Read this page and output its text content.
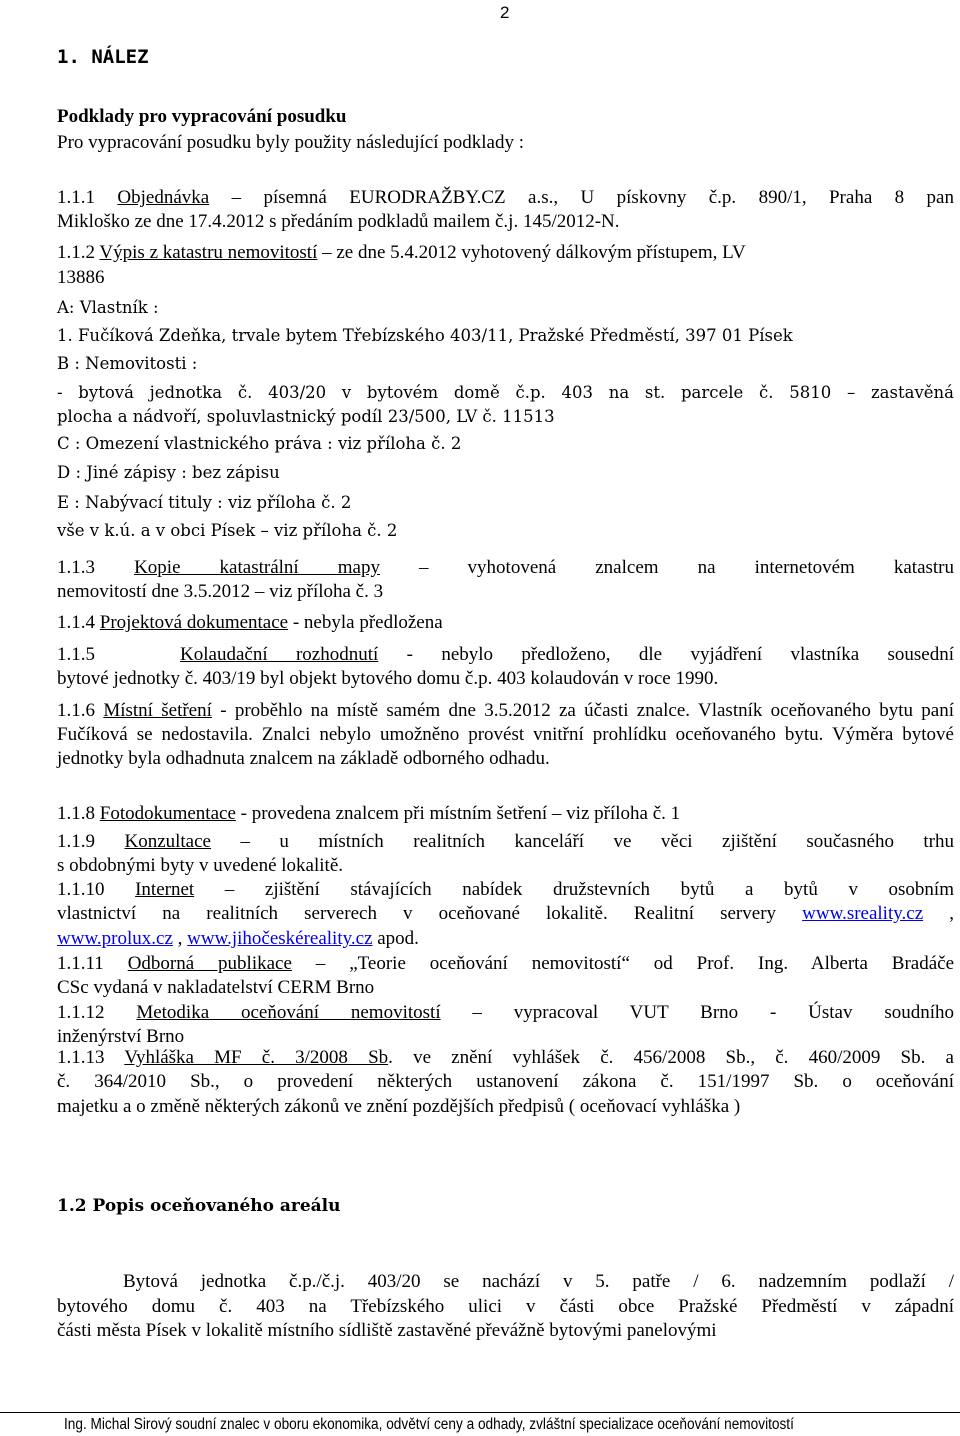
2
1. NÁLEZ
Podklady pro vypracování posudku
Pro vypracování posudku byly použity následující podklady :
1.1.1 Objednávka – písemná EURODRAŽBY.CZ a.s., U pískovny č.p. 890/1, Praha 8 pan
Mikloško ze dne 17.4.2012 s předáním podkladů mailem č.j. 145/2012-N.
1.1.2 Výpis z katastru nemovitostí – ze dne 5.4.2012 vyhotovený dálkovým přístupem, LV
13886
A: Vlastník :
1. Fučíková Zdeňka, trvale bytem Třebízského 403/11, Pražské Předměstí, 397 01 Písek
B : Nemovitosti :
- bytová jednotka č. 403/20 v bytovém domě č.p. 403 na st. parcele č. 5810 – zastavěná
plocha a nádvoří, spoluvlastnický podíl 23/500, LV č. 11513
C : Omezení vlastnického práva : viz příloha č. 2
D : Jiné zápisy : bez zápisu
E : Nabývací tituly : viz příloha č. 2
vše v k.ú. a v obci Písek – viz příloha č. 2
1.1.3 Kopie katastrální mapy – vyhotovená znalcem na internetovém katastru
nemovitostí dne 3.5.2012 – viz příloha č. 3
1.1.4 Projektová dokumentace - nebyla předložena
1.1.5	Kolaudační rozhodnutí - nebylo předloženo, dle vyjádření vlastníka sousední
bytové jednotky č. 403/19 byl objekt bytového domu č.p. 403 kolaudován v roce 1990.

1.1.6 Místní šetření - proběhlo na místě samém dne 3.5.2012 za účasti znalce. Vlastník oceňovaného bytu paní Fučíková se nedostavila. Znalci nebylo umožněno provést vnitřní prohlídku oceňovaného bytu. Výměra bytové jednotky byla odhadnuta znalcem na základě odborného odhadu.

1.1.8 Fotodokumentace - provedena znalcem při místním šetření – viz příloha č. 1
1.1.9 Konzultace – u místních realitních kanceláří ve věci zjištění současného trhu
s obdobnými byty v uvedené lokalitě.
1.1.10 Internet – zjištění stávajících nabídek družstevních bytů a bytů v osobním
vlastnictví na realitních serverech v oceňované lokalitě. Realitní servery www.sreality.cz ,
www.prolux.cz , www.jihočeskéreality.cz apod.
1.1.11 Odborná publikace – „Teorie oceňování nemovitostí“ od Prof. Ing. Alberta Bradáče
CSc vydaná v nakladatelství CERM Brno
1.1.12 Metodika oceňování nemovitostí – vypracoval VUT Brno - Ústav soudního
inženýrství Brno
1.1.13 Vyhláška MF č. 3/2008 Sb. ve znění vyhlášek č. 456/2008 Sb., č. 460/2009 Sb. a
č. 364/2010 Sb., o provedení některých ustanovení zákona č. 151/1997 Sb. o oceňování
majetku a o změně některých zákonů ve znění pozdějších předpisů ( oceňovací vyhláška )
1.2 Popis oceňovaného areálu
Bytová jednotka č.p./č.j. 403/20 se nachází v 5. patře / 6. nadzemním podlaží /
bytového domu č. 403 na Třebízského ulici v části obce Pražské Předměstí v západní
části města Písek v lokalitě místního sídliště zastavěné převážně bytovými panelovými
Ing. Michal Sirový soudní znalec v oboru ekonomika, odvětví ceny a odhady, zvláštní specializace oceňování nemovitostí
